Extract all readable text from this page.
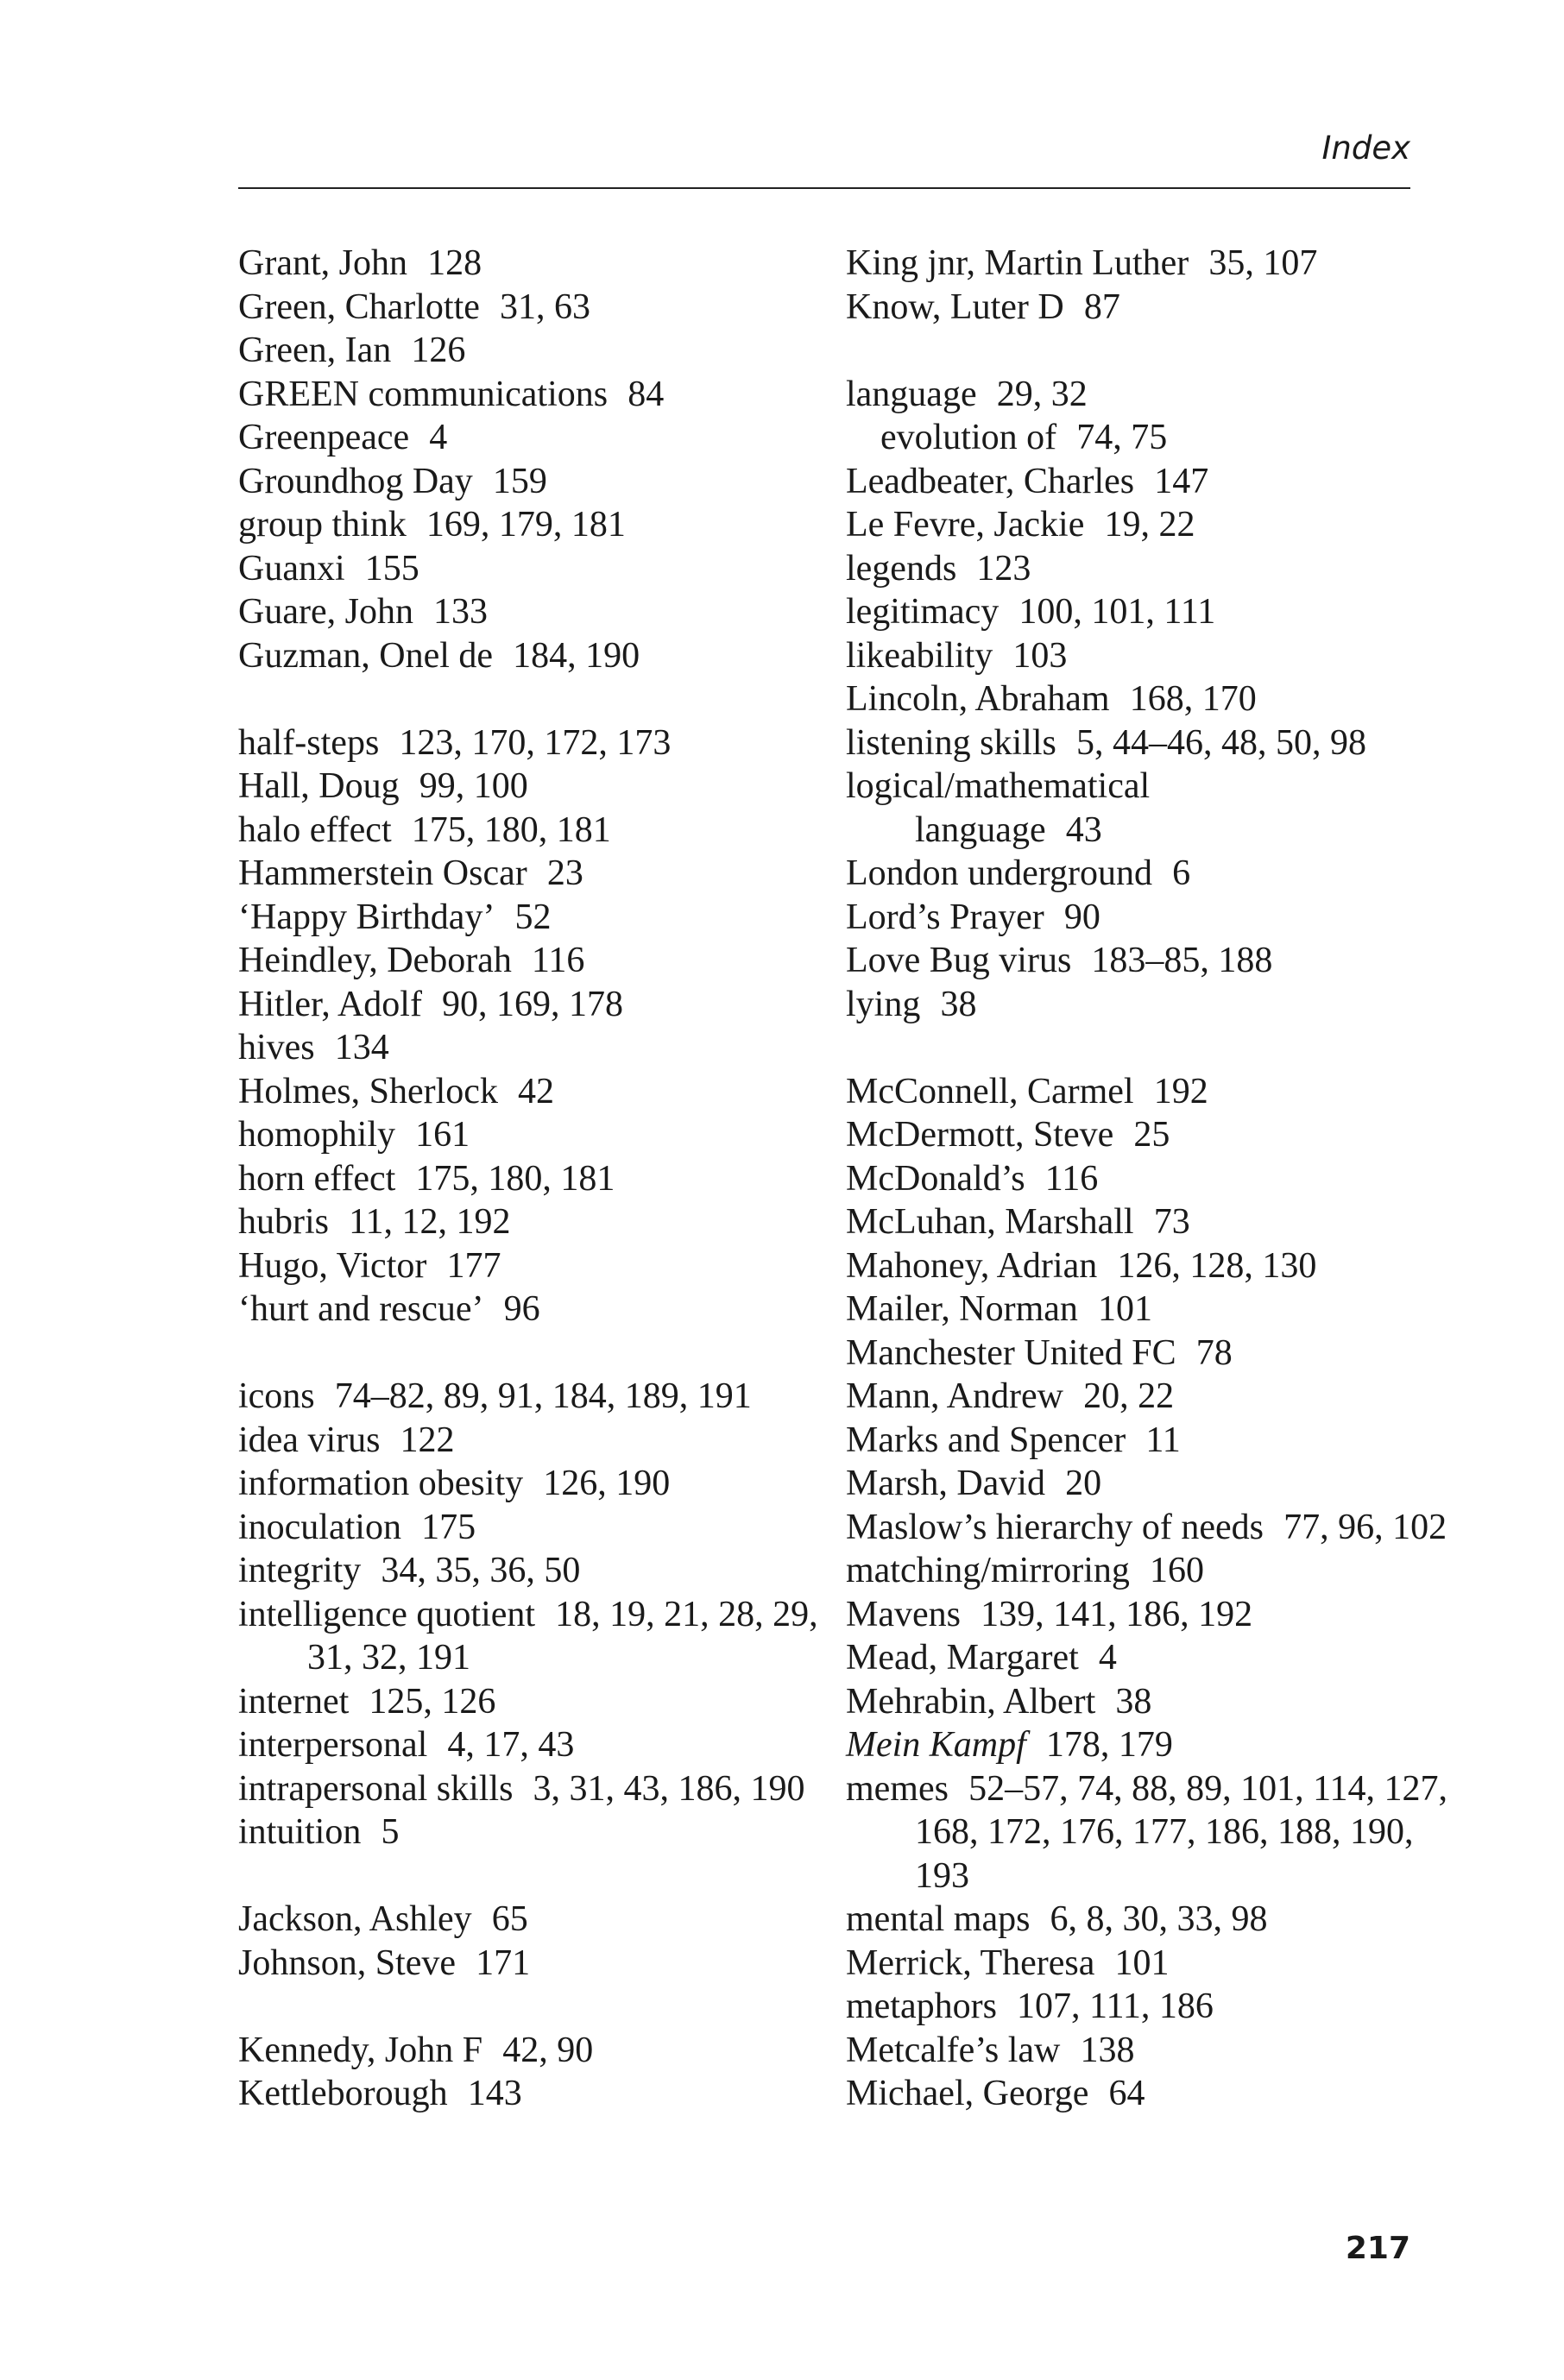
Index
Grant, John 128
Green, Charlotte 31, 63
Green, Ian 126
GREEN communications 84
Greenpeace 4
Groundhog Day 159
group think 169, 179, 181
Guanxi 155
Guare, John 133
Guzman, Onel de 184, 190
half-steps 123, 170, 172, 173
Hall, Doug 99, 100
halo effect 175, 180, 181
Hammerstein Oscar 23
‘Happy Birthday’ 52
Heindley, Deborah 116
Hitler, Adolf 90, 169, 178
hives 134
Holmes, Sherlock 42
homophily 161
horn effect 175, 180, 181
hubris 11, 12, 192
Hugo, Victor 177
‘hurt and rescue’ 96
icons 74–82, 89, 91, 184, 189, 191
idea virus 122
information obesity 126, 190
inoculation 175
integrity 34, 35, 36, 50
intelligence quotient 18, 19, 21, 28, 29, 31, 32, 191
internet 125, 126
interpersonal 4, 17, 43
intrapersonal skills 3, 31, 43, 186, 190
intuition 5
Jackson, Ashley 65
Johnson, Steve 171
Kennedy, John F 42, 90
Kettleborough 143
King jnr, Martin Luther 35, 107
Know, Luter D 87
language 29, 32
evolution of 74, 75
Leadbeater, Charles 147
Le Fevre, Jackie 19, 22
legends 123
legitimacy 100, 101, 111
likeability 103
Lincoln, Abraham 168, 170
listening skills 5, 44–46, 48, 50, 98
logical/mathematical
language 43
London underground 6
Lord’s Prayer 90
Love Bug virus 183–85, 188
lying 38
McConnell, Carmel 192
McDermott, Steve 25
McDonald’s 116
McLuhan, Marshall 73
Mahoney, Adrian 126, 128, 130
Mailer, Norman 101
Manchester United FC 78
Mann, Andrew 20, 22
Marks and Spencer 11
Marsh, David 20
Maslow’s hierarchy of needs 77, 96, 102
matching/mirroring 160
Mavens 139, 141, 186, 192
Mead, Margaret 4
Mehrabin, Albert 38
Mein Kampf 178, 179
memes 52–57, 74, 88, 89, 101, 114, 127, 168, 172, 176, 177, 186, 188, 190, 193
mental maps 6, 8, 30, 33, 98
Merrick, Theresa 101
metaphors 107, 111, 186
Metcalfe’s law 138
Michael, George 64
217
